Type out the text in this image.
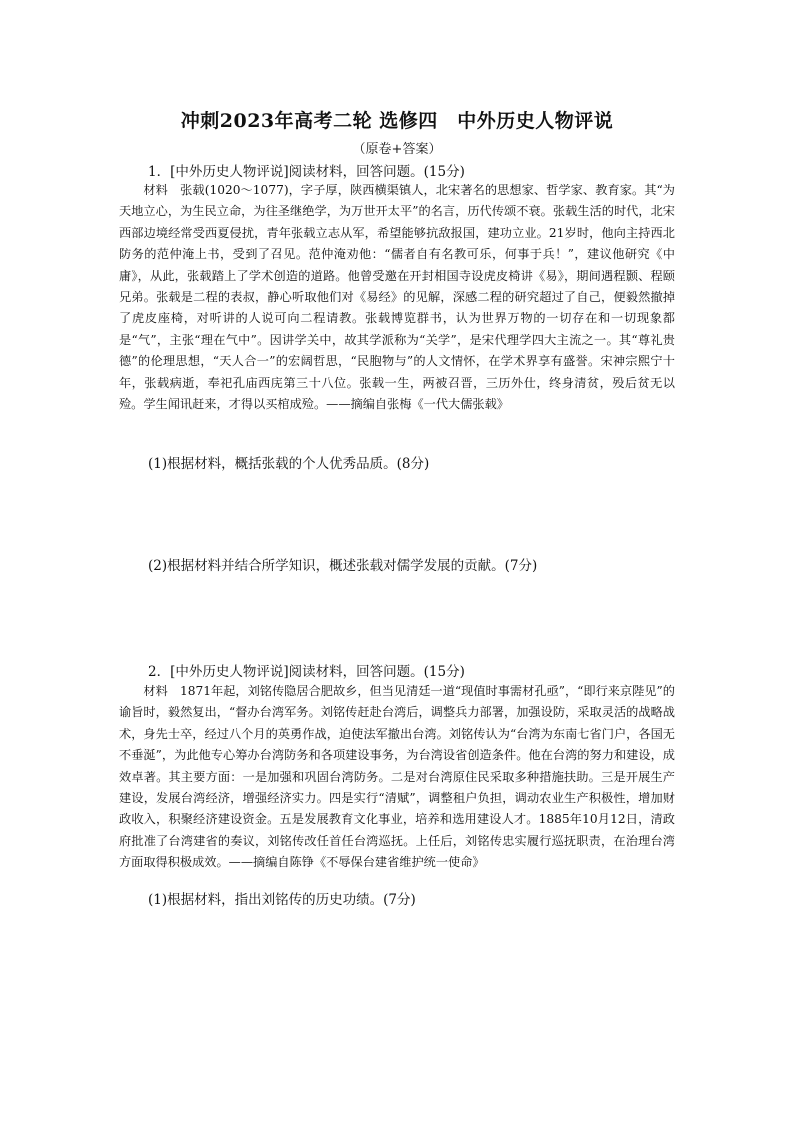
冲刺2023年高考二轮 选修四　中外历史人物评说
（原卷+答案）
1．[中外历史人物评说]阅读材料，回答问题。(15分)
材料　张载(1020～1077)，字子厚，陕西横渠镇人，北宋著名的思想家、哲学家、教育家。其“为天地立心，为生民立命，为往圣继绝学，为万世开太平”的名言，历代传颂不衰。张载生活的时代，北宋西部边境经常受西夏侵扰，青年张载立志从军，希望能够抗敌报国，建功立业。21岁时，他向主持西北防务的范仲淹上书，受到了召见。范仲淹劝他：“儒者自有名教可乐，何事于兵！”，建议他研究《中庸》，从此，张载踏上了学术创造的道路。他曾受邀在开封相国寺设虎皮椅讲《易》，期间遇程颢、程颐兄弟。张载是二程的表叔，静心听取他们对《易经》的见解，深感二程的研究超过了自己，便毅然撤掉了虎皮座椅，对听讲的人说可向二程请教。张载博览群书，认为世界万物的一切存在和一切现象都是“气”，主张“理在气中”。因讲学关中，故其学派称为“关学”，是宋代理学四大主流之一。其“尊礼贵德”的伦理思想，“天人合一”的宏阔哲思，“民胞物与”的人文情怀，在学术界享有盛誉。宋神宗熙宁十年，张载病逝，奉祀孔庙西庑第三十八位。张载一生，两被召晋，三历外仕，终身清贫，殁后贫无以殓。学生闻讯赶来，才得以买棺成殓。——摘编自张梅《一代大儒张载》
(1)根据材料，概括张载的个人优秀品质。(8分)
(2)根据材料并结合所学知识，概述张载对儒学发展的贡献。(7分)
2．[中外历史人物评说]阅读材料，回答问题。(15分)
材料　1871年起，刘铭传隐居合肥故乡，但当见清廷一道“现值时事需材孔亟”，“即行来京陛见”的谕旨时，毅然复出，“督办台湾军务。刘铭传赶赴台湾后，调整兵力部署，加强设防，采取灵活的战略战术，身先士卒，经过八个月的英勇作战，迫使法军撤出台湾。刘铭传认为“台湾为东南七省门户，各国无不垂涎”，为此他专心筹办台湾防务和各项建设事务，为台湾设省创造条件。他在台湾的努力和建设，成效卓著。其主要方面：一是加强和巩固台湾防务。二是对台湾原住民采取多种措施扶助。三是开展生产建设，发展台湾经济，增强经济实力。四是实行“清赋”，调整租户负担，调动农业生产积极性，增加财政收入，积聚经济建设资金。五是发展教育文化事业，培养和选用建设人才。1885年10月12日，清政府批准了台湾建省的奏议，刘铭传改任首任台湾巡抚。上任后，刘铭传忠实履行巡抚职责，在治理台湾方面取得积极成效。——摘编自陈铮《不辱保台建省维护统一使命》
(1)根据材料，指出刘铭传的历史功绩。(7分)
